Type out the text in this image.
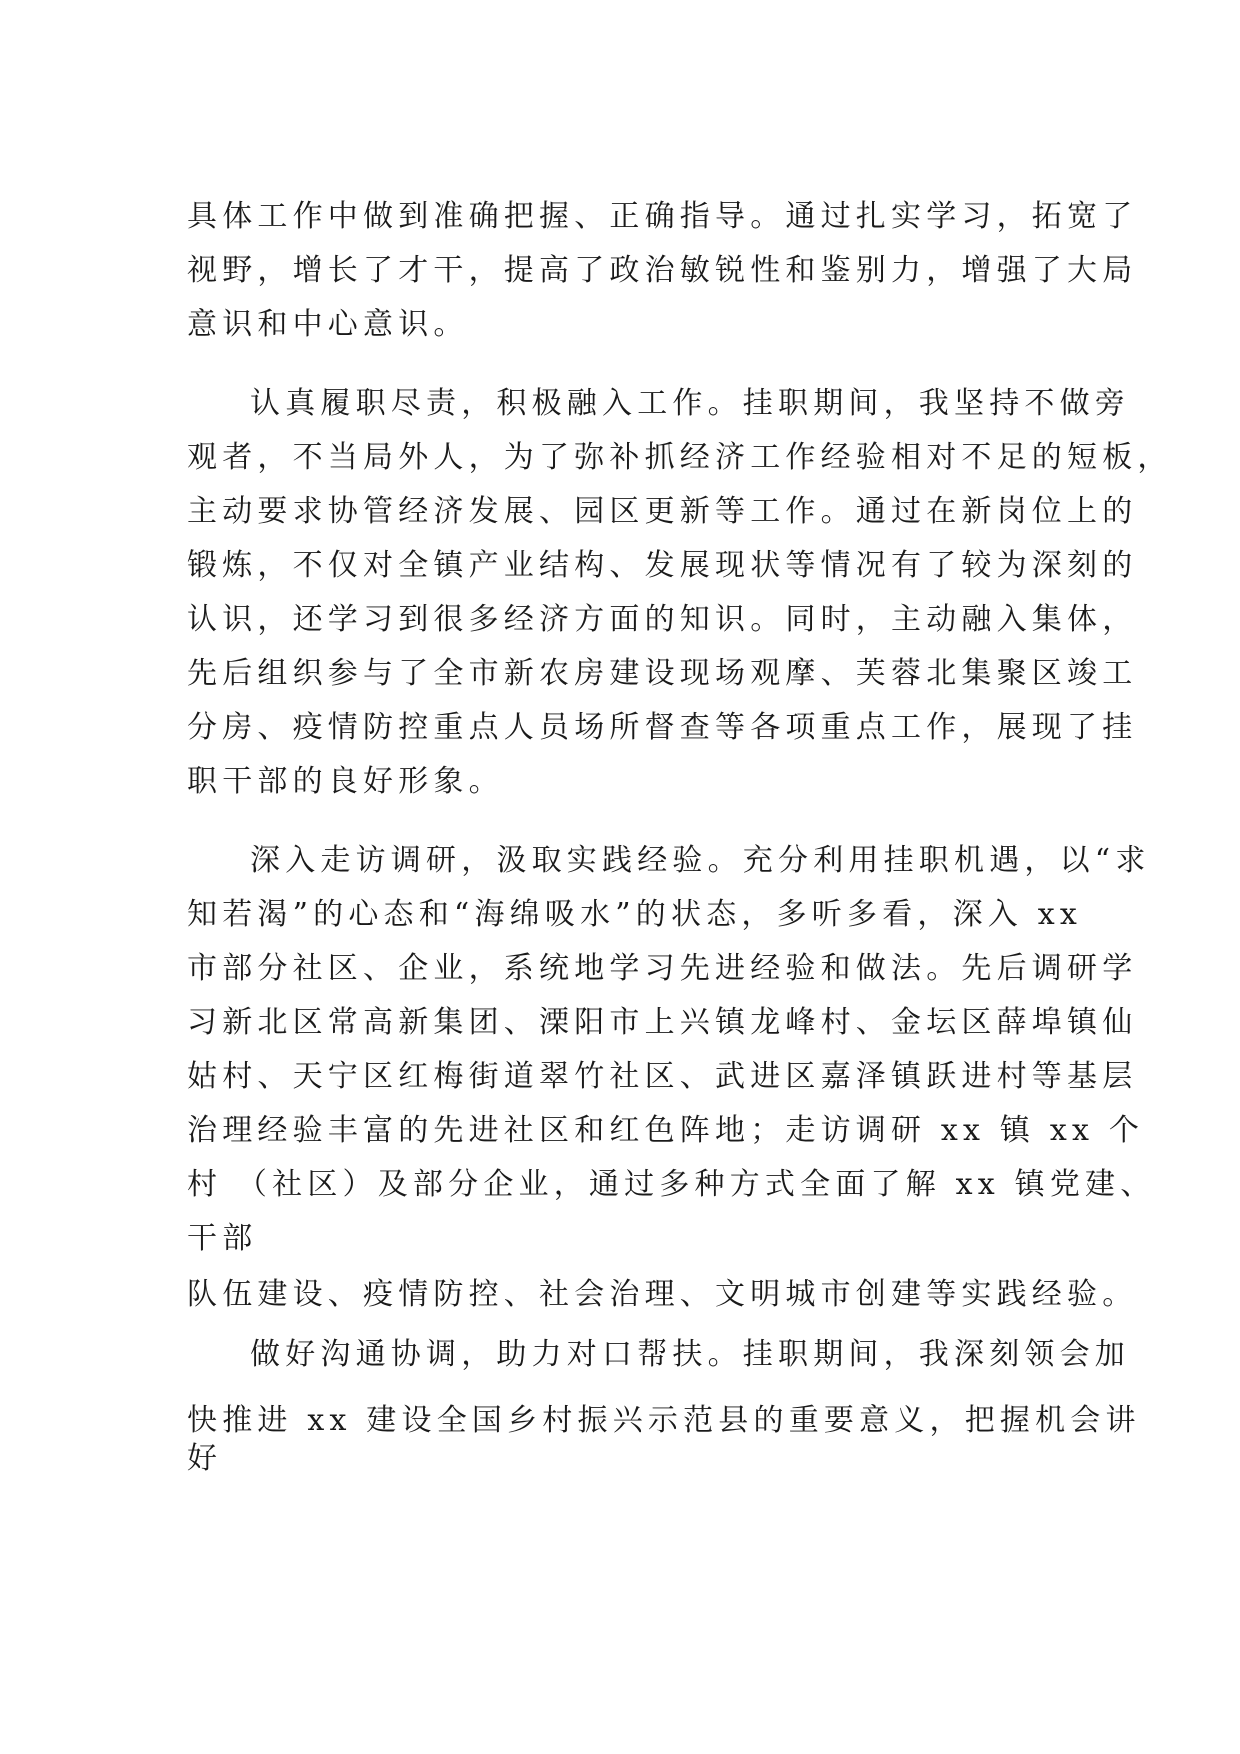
具体工作中做到准确把握、正确指导。通过扎实学习，拓宽了
视野，增长了才干，提高了政治敏锐性和鉴别力，增强了大局
意识和中心意识。
认真履职尽责，积极融入工作。挂职期间，我坚持不做旁
观者，不当局外人，为了弥补抓经济工作经验相对不足的短板，
主动要求协管经济发展、园区更新等工作。通过在新岗位上的
锻炼，不仅对全镇产业结构、发展现状等情况有了较为深刻的
认识，还学习到很多经济方面的知识。同时，主动融入集体，
先后组织参与了全市新农房建设现场观摩、芙蓉北集聚区竣工
分房、疫情防控重点人员场所督查等各项重点工作，展现了挂
职干部的良好形象。
深入走访调研，汲取实践经验。充分利用挂职机遇，以“求
知若渴”的心态和“海绵吸水”的状态，多听多看，深入 xx
市部分社区、企业，系统地学习先进经验和做法。先后调研学
习新北区常高新集团、溧阳市上兴镇龙峰村、金坛区薛埠镇仙
姑村、天宁区红梅街道翠竹社区、武进区嘉泽镇跃进村等基层
治理经验丰富的先进社区和红色阵地；走访调研 xx 镇 xx 个
村 （社区）及部分企业，通过多种方式全面了解 xx 镇党建、
干部
队伍建设、疫情防控、社会治理、文明城市创建等实践经验。
做好沟通协调，助力对口帮扶。挂职期间，我深刻领会加
快推进 xx 建设全国乡村振兴示范县的重要意义，把握机会讲
好
